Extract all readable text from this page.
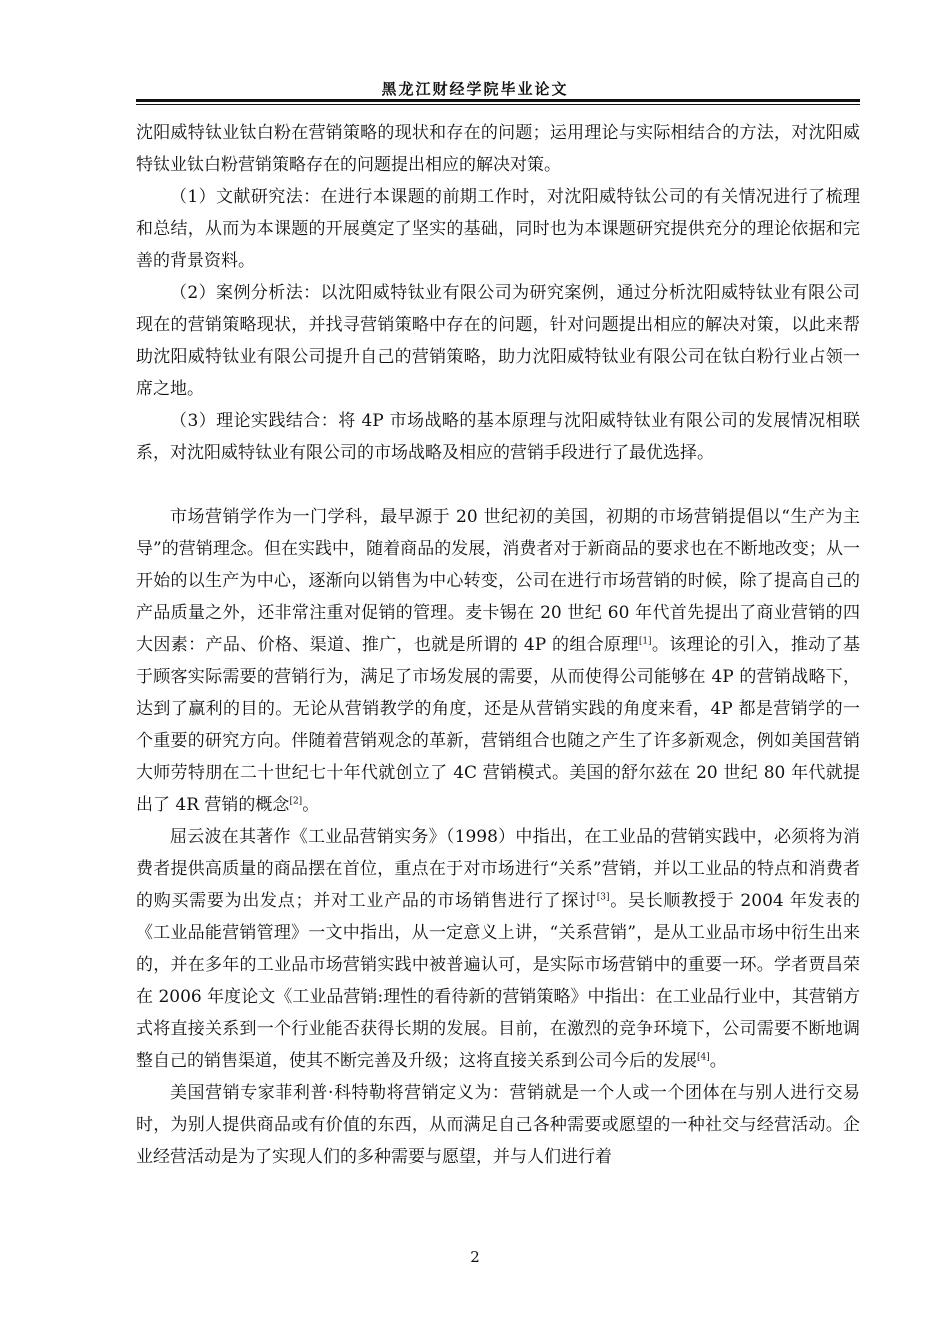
黑龙江财经学院毕业论文

沈阳威特钛业钛白粉在营销策略的现状和存在的问题；运用理论与实际相结合的方法，对沈阳威特钛业钛白粉营销策略存在的问题提出相应的解决对策。

（1）文献研究法：在进行本课题的前期工作时，对沈阳威特钛公司的有关情况进行了梳理和总结，从而为本课题的开展奠定了坚实的基础，同时也为本课题研究提供充分的理论依据和完善的背景资料。

（2）案例分析法：以沈阳威特钛业有限公司为研究案例，通过分析沈阳威特钛业有限公司现在的营销策略现状，并找寻营销策略中存在的问题，针对问题提出相应的解决对策，以此来帮助沈阳威特钛业有限公司提升自己的营销策略，助力沈阳威特钛业有限公司在钛白粉行业占领一席之地。

（3）理论实践结合：将 4P 市场战略的基本原理与沈阳威特钛业有限公司的发展情况相联系，对沈阳威特钛业有限公司的市场战略及相应的营销手段进行了最优选择。

市场营销学作为一门学科，最早源于 20 世纪初的美国，初期的市场营销提倡以“生产为主导”的营销理念。但在实践中，随着商品的发展，消费者对于新商品的要求也在不断地改变；从一开始的以生产为中心，逐渐向以销售为中心转变，公司在进行市场营销的时候，除了提高自己的产品质量之外，还非常注重对促销的管理。麦卡锡在 20 世纪 60 年代首先提出了商业营销的四大因素：产品、价格、渠道、推广，也就是所谓的 4P 的组合原理[1]。该理论的引入，推动了基于顾客实际需要的营销行为，满足了市场发展的需要，从而使得公司能够在 4P 的营销战略下，达到了赢利的目的。无论从营销教学的角度，还是从营销实践的角度来看，4P 都是营销学的一个重要的研究方向。伴随着营销观念的革新，营销组合也随之产生了许多新观念，例如美国营销大师劳特朋在二十世纪七十年代就创立了 4C 营销模式。美国的舒尔兹在 20 世纪 80 年代就提出了 4R 营销的概念[2]。

屈云波在其著作《工业品营销实务》（1998）中指出，在工业品的营销实践中，必须将为消费者提供高质量的商品摆在首位，重点在于对市场进行“关系”营销，并以工业品的特点和消费者的购买需要为出发点；并对工业产品的市场销售进行了探讨[3]。吴长顺教授于 2004 年发表的《工业品能营销管理》一文中指出，从一定意义上讲，“关系营销”，是从工业品市场中衍生出来的，并在多年的工业品市场营销实践中被普遍认可，是实际市场营销中的重要一环。学者贾昌荣在 2006 年度论文《工业品营销:理性的看待新的营销策略》中指出：在工业品行业中，其营销方式将直接关系到一个行业能否获得长期的发展。目前，在激烈的竞争环境下，公司需要不断地调整自己的销售渠道，使其不断完善及升级；这将直接关系到公司今后的发展[4]。

美国营销专家菲利普·科特勒将营销定义为：营销就是一个人或一个团体在与别人进行交易时，为别人提供商品或有价值的东西，从而满足自己各种需要或愿望的一种社交与经营活动。企业经营活动是为了实现人们的多种需要与愿望，并与人们进行着

2
